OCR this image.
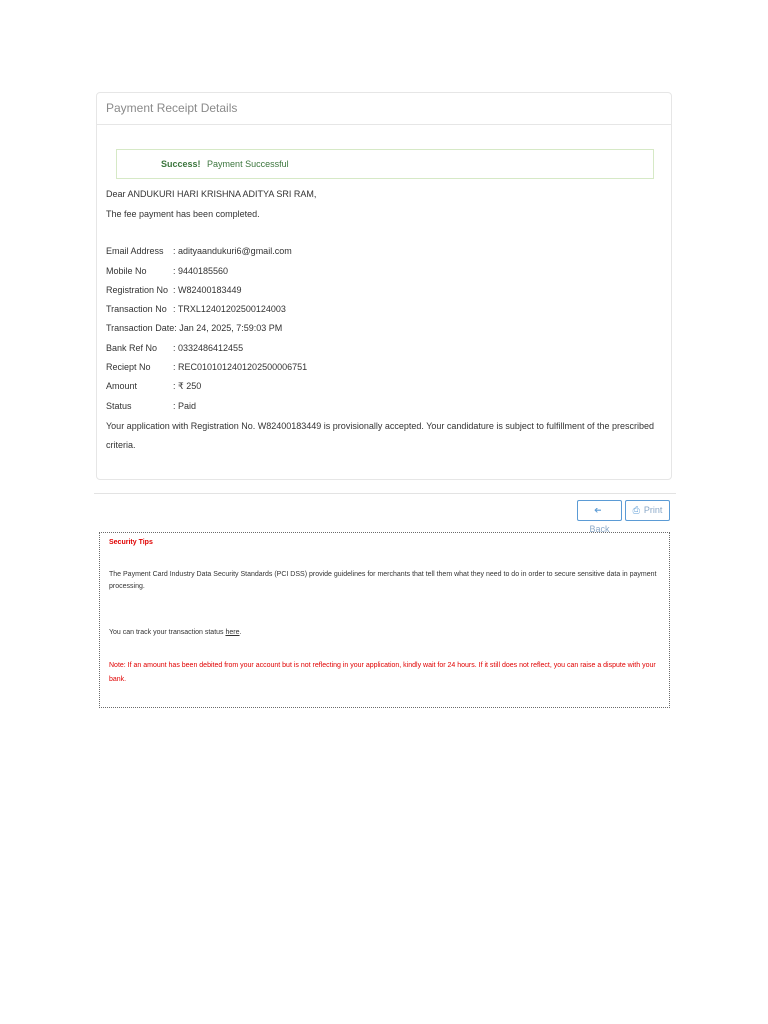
Payment Receipt Details
Success! Payment Successful
Dear ANDUKURI HARI KRISHNA ADITYA SRI RAM,
The fee payment has been completed.
Email Address : adityaandukuri6@gmail.com
Mobile No	: 9440185560
Registration No : W82400183449
Transaction No : TRXL12401202500124003
Transaction Date: Jan 24, 2025, 7:59:03 PM
Bank Ref No : 0332486412455
Reciept No : REC0101012401202500006751
Amount	: ₹ 250
Status	: Paid
Your application with Registration No. W82400183449 is provisionally accepted. Your candidature is subject to fulfillment of the prescribed
criteria.
➔Back
⎙ Print
Security Tips
The Payment Card Industry Data Security Standards (PCI DSS) provide guidelines for merchants that tell them what they need to do in order to secure sensitive data in payment processing.
You can track your transaction status here.
Note: If an amount has been debited from your account but is not reflecting in your application, kindly wait for 24 hours. If it still does not reflect, you can raise a dispute with your bank.
